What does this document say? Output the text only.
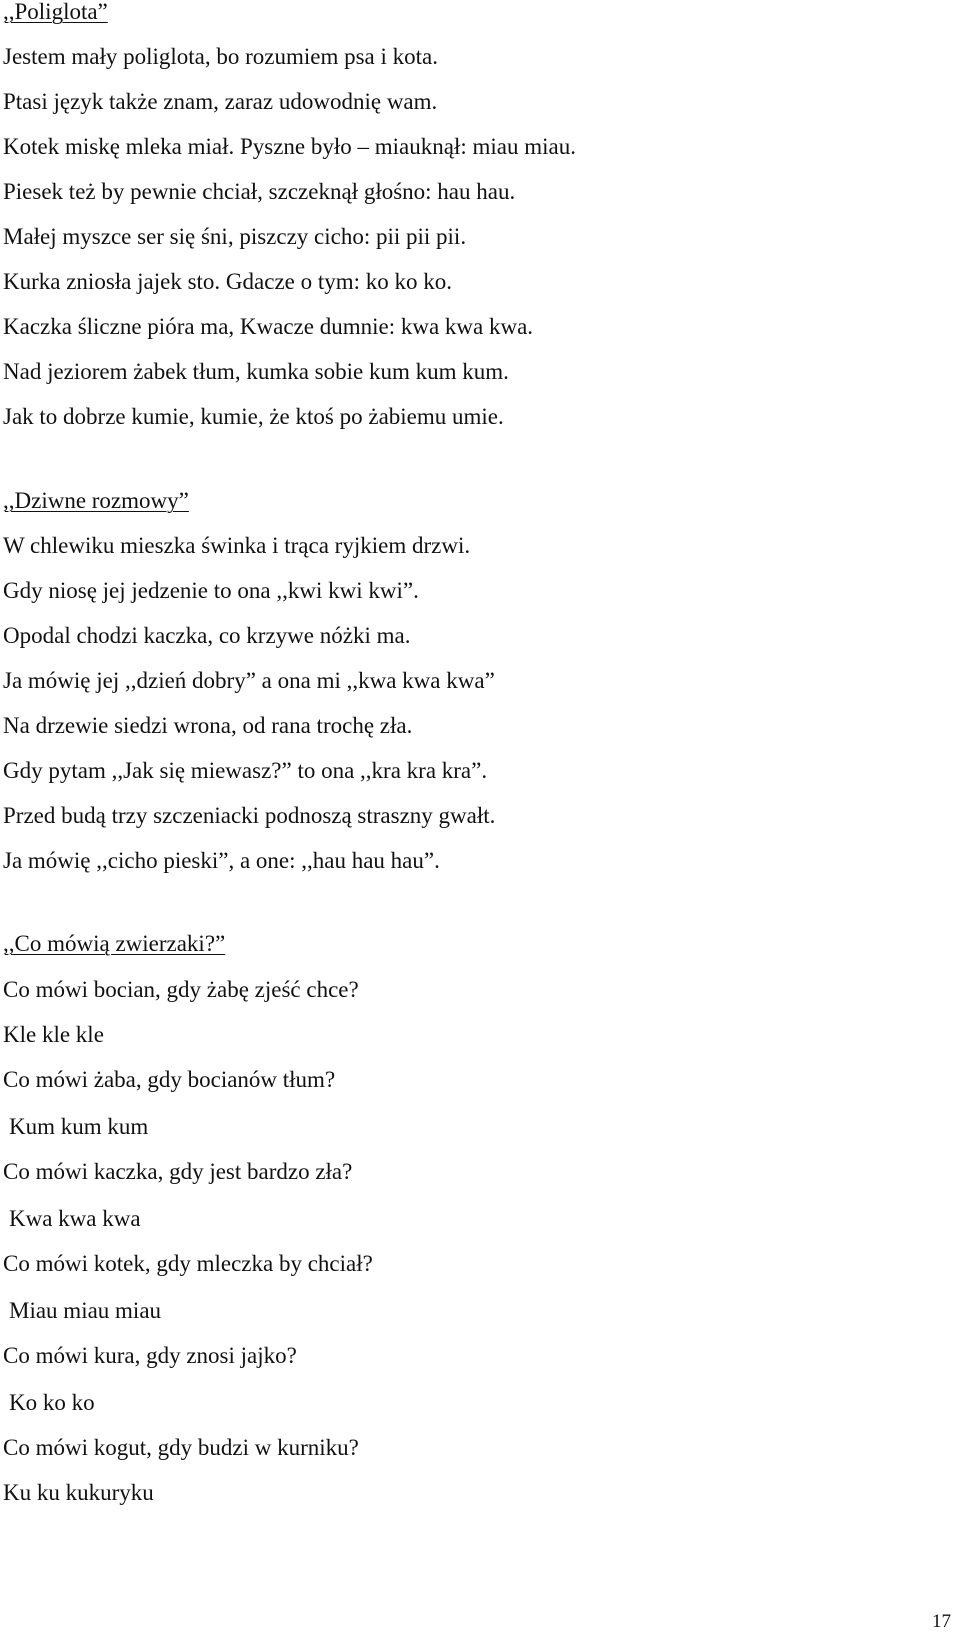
,,Poliglota”
Jestem mały poliglota, bo rozumiem psa i kota.
Ptasi język także znam, zaraz udowodnię wam.
Kotek miskę mleka miał. Pyszne było – miauknął: miau miau.
Piesek też by pewnie chciał, szczeknął głośno: hau hau.
Małej myszce ser się śni, piszczy cicho: pii pii pii.
Kurka zniosła jajek sto. Gdacze o tym: ko ko ko.
Kaczka śliczne pióra ma, Kwacze dumnie: kwa kwa kwa.
Nad jeziorem żabek tłum, kumka sobie kum kum kum.
Jak to dobrze kumie, kumie, że ktoś po żabiemu umie.
,,Dziwne rozmowy”
W chlewiku mieszka świnka i trąca ryjkiem drzwi.
Gdy niosę jej jedzenie to ona ,,kwi kwi kwi”.
Opodal chodzi kaczka, co krzywe nóżki ma.
Ja mówię jej ,,dzień dobry” a ona mi ,,kwa kwa kwa”
Na drzewie siedzi wrona, od rana trochę zła.
Gdy pytam ,,Jak się miewasz?” to ona ,,kra kra kra”.
Przed budą trzy szczeniacki podnoszą straszny gwałt.
Ja mówię ,,cicho pieski”, a one: ,,hau hau hau”.
,,Co mówią zwierzaki?”
Co mówi bocian, gdy żabę zjeść chce?
Kle kle kle
Co mówi żaba, gdy bocianów tłum?
Kum kum kum
Co mówi kaczka, gdy jest bardzo zła?
Kwa kwa kwa
Co mówi kotek, gdy mleczka by chciał?
Miau miau miau
Co mówi kura, gdy znosi jajko?
Ko ko ko
Co mówi kogut, gdy budzi w kurniku?
Ku ku kukuryku
17
